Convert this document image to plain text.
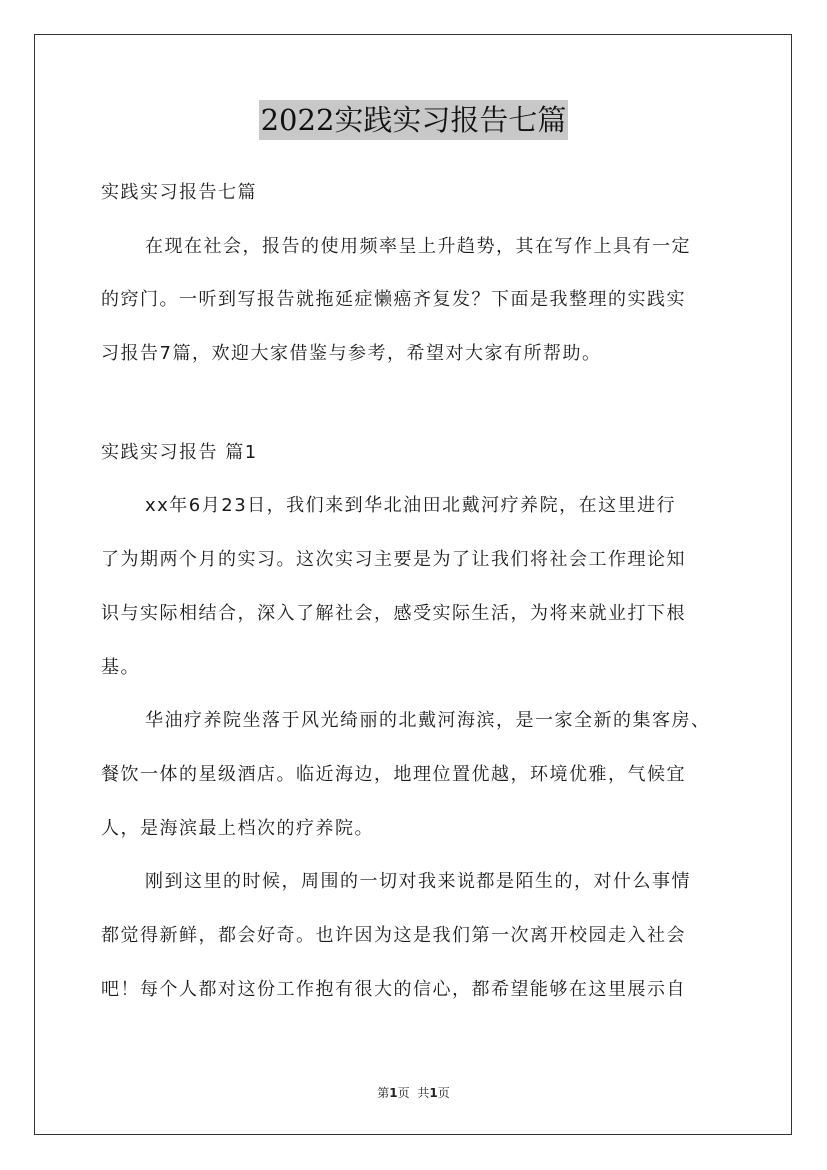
2022实践实习报告七篇
实践实习报告七篇
在现在社会，报告的使用频率呈上升趋势，其在写作上具有一定
的窍门。一听到写报告就拖延症懒癌齐复发？下面是我整理的实践实
习报告7篇，欢迎大家借鉴与参考，希望对大家有所帮助。
实践实习报告 篇1
xx年6月23日，我们来到华北油田北戴河疗养院，在这里进行
了为期两个月的实习。这次实习主要是为了让我们将社会工作理论知
识与实际相结合，深入了解社会，感受实际生活，为将来就业打下根
基。
华油疗养院坐落于风光绮丽的北戴河海滨，是一家全新的集客房、
餐饮一体的星级酒店。临近海边，地理位置优越，环境优雅，气候宜
人，是海滨最上档次的疗养院。
刚到这里的时候，周围的一切对我来说都是陌生的，对什么事情
都觉得新鲜，都会好奇。也许因为这是我们第一次离开校园走入社会
吧！每个人都对这份工作抱有很大的信心，都希望能够在这里展示自
第1页 共1页
